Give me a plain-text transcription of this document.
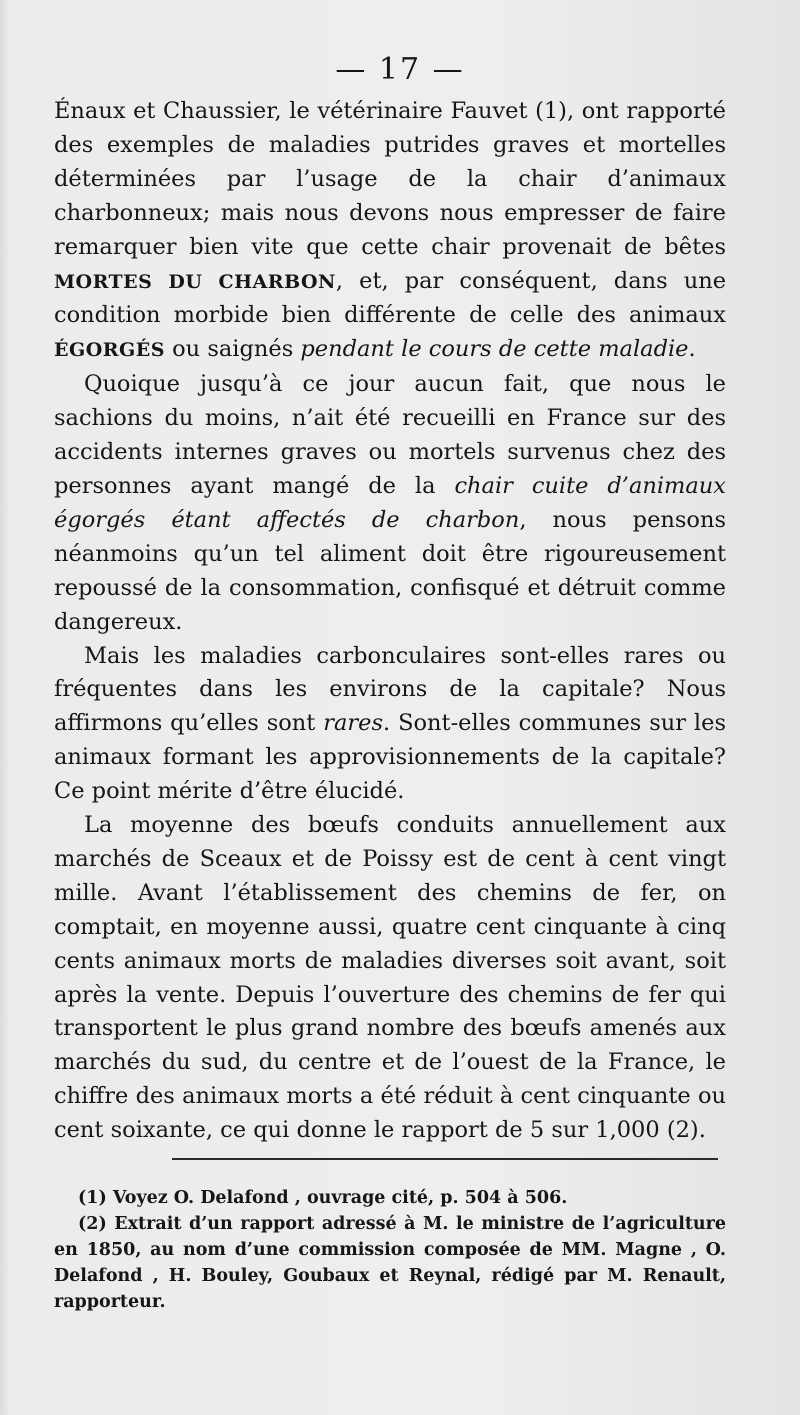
— 17 —

Énaux et Chaussier, le vétérinaire Fauvet (1), ont rapporté des exemples de maladies putrides graves et mortelles déterminées par l’usage de la chair d’animaux charbonneux; mais nous devons nous empresser de faire remarquer bien vite que cette chair provenait de bêtes MORTES DU CHARBON, et, par conséquent, dans une condition morbide bien différente de celle des animaux ÉGORGÉS ou saignés pendant le cours de cette maladie.

Quoique jusqu’à ce jour aucun fait, que nous le sachions du moins, n’ait été recueilli en France sur des accidents internes graves ou mortels survenus chez des personnes ayant mangé de la chair cuite d’animaux égorgés étant affectés de charbon, nous pensons néanmoins qu’un tel aliment doit être rigoureusement repoussé de la consommation, confisqué et détruit comme dangereux.

Mais les maladies carbonculaires sont-elles rares ou fréquentes dans les environs de la capitale? Nous affirmons qu’elles sont rares. Sont-elles communes sur les animaux formant les approvisionnements de la capitale? Ce point mérite d’être élucidé.

La moyenne des bœufs conduits annuellement aux marchés de Sceaux et de Poissy est de cent à cent vingt mille. Avant l’établissement des chemins de fer, on comptait, en moyenne aussi, quatre cent cinquante à cinq cents animaux morts de maladies diverses soit avant, soit après la vente. Depuis l’ouverture des chemins de fer qui transportent le plus grand nombre des bœufs amenés aux marchés du sud, du centre et de l’ouest de la France, le chiffre des animaux morts a été réduit à cent cinquante ou cent soixante, ce qui donne le rapport de 5 sur 1,000 (2).

(1) Voyez O. Delafond , ouvrage cité, p. 504 à 506.

(2) Extrait d’un rapport adressé à M. le ministre de l’agriculture en 1850, au nom d’une commission composée de MM. Magne , O. Delafond , H. Bouley, Goubaux et Reynal, rédigé par M. Renault, rapporteur.
